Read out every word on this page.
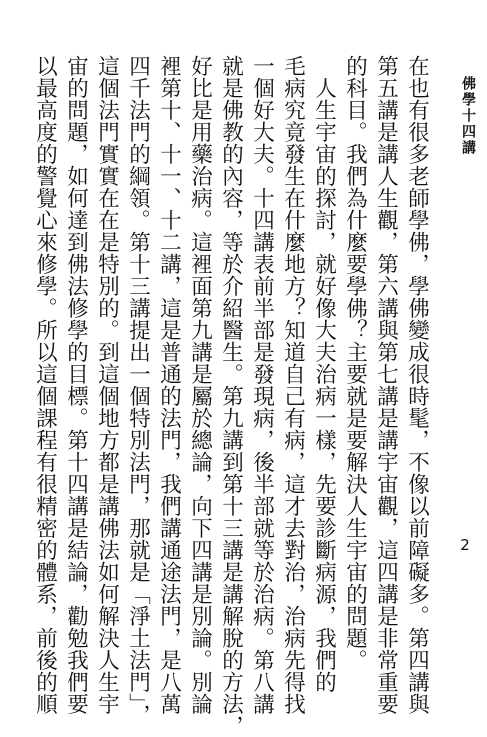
佛學十四講
2
在也有很多老師學佛，學佛變成很時髦，不像以前障礙多。第四講與
第五講是講人生觀，第六講與第七講是講宇宙觀，這四講是非常重要
的科目。我們為什麼要學佛？主要就是要解決人生宇宙的問題。
人生宇宙的探討，就好像大夫治病一樣，先要診斷病源，我們的
毛病究竟發生在什麼地方？知道自己有病，這才去對治，治病先得找
一個好大夫。十四講表前半部是發現病，後半部就等於治病。第八講
就是佛教的內容，等於介紹醫生。第九講到第十三講是講解脫的方法，
好比是用藥治病。這裡面第九講是屬於總論，向下四講是別論。別論
裡第十、十一、十二講，這是普通的法門，我們講通途法門，是八萬
四千法門的綱領。第十三講提出一個特別法門，那就是「淨土法門」，
這個法門實實在在是特別的。到這個地方都是講佛法如何解決人生宇
宙的問題，如何達到佛法修學的目標。第十四講是結論，勸勉我們要
以最高度的警覺心來修學。所以這個課程有很精密的體系，前後的順
